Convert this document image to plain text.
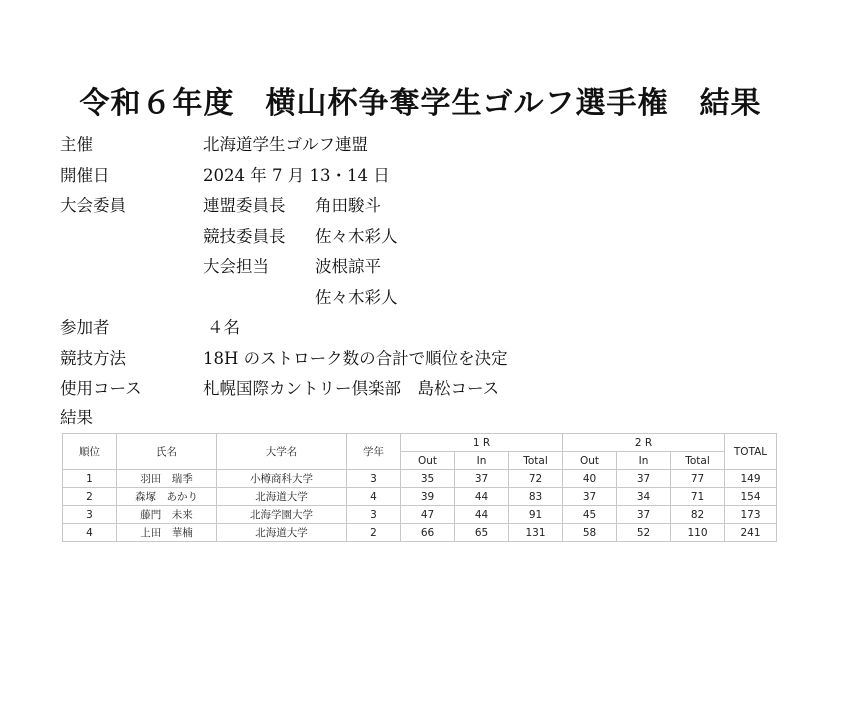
令和６年度　横山杯争奪学生ゴルフ選手権　結果
主催	北海道学生ゴルフ連盟
開催日	2024 年 7 月 13・14 日
大会委員	連盟委員長	角田駿斗
競技委員長	佐々木彩人
大会担当	波根諒平
佐々木彩人
参加者	４名
競技方法	18H のストローク数の合計で順位を決定
使用コース	札幌国際カントリー倶楽部　島松コース
結果
順位	氏名	大学名	学年	1 R			2 R			TOTAL
				Out	In	Total	Out	In	Total	
1	羽田　瑞季	小樽商科大学	3	35	37	72	40	37	77	149
2	森塚　あかり	北海道大学	4	39	44	83	37	34	71	154
3	藤門　未来	北海学園大学	3	47	44	91	45	37	82	173
4	上田　華楠	北海道大学	2	66	65	131	58	52	110	241
